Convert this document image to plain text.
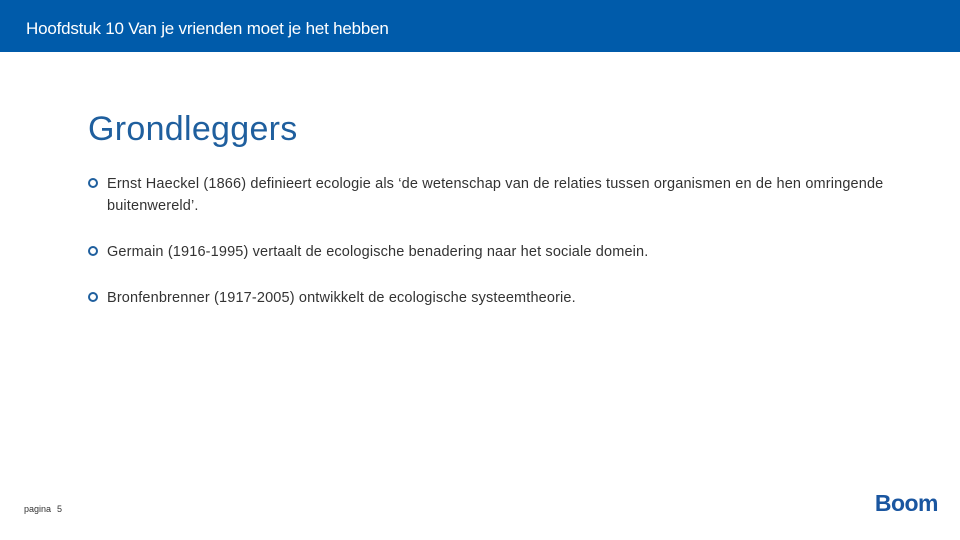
Hoofdstuk 10 Van je vrienden moet je het hebben
Grondleggers
Ernst Haeckel (1866) definieert ecologie als ‘de wetenschap van de relaties tussen organismen en de hen omringende buitenwereld’.
Germain (1916-1995) vertaalt de ecologische benadering naar het sociale domein.
Bronfenbrenner (1917-2005) ontwikkelt de ecologische systeemtheorie.
pagina 5	Boom
